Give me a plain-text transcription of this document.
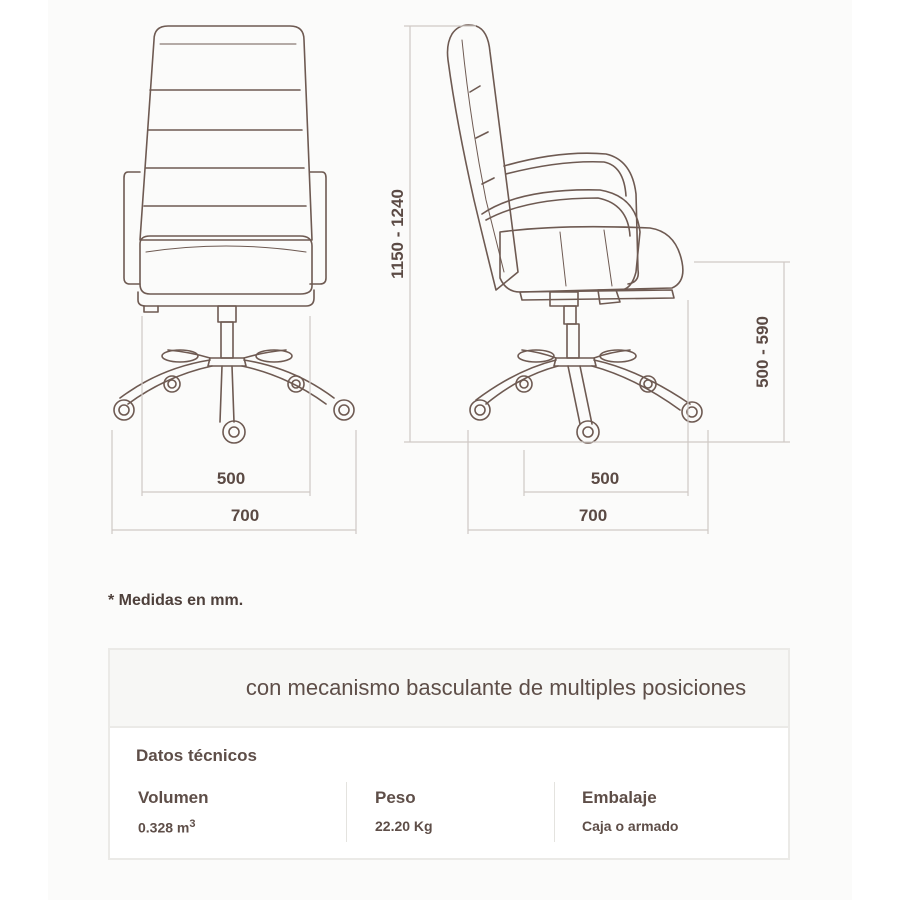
500
700
500
700
1150 - 1240
500 - 590
* Medidas en mm.
con mecanismo basculante de multiples posiciones
Datos técnicos
Volumen
0.328 $m^3$
Peso
22.20 Kg
Embalaje
Caja o armado
